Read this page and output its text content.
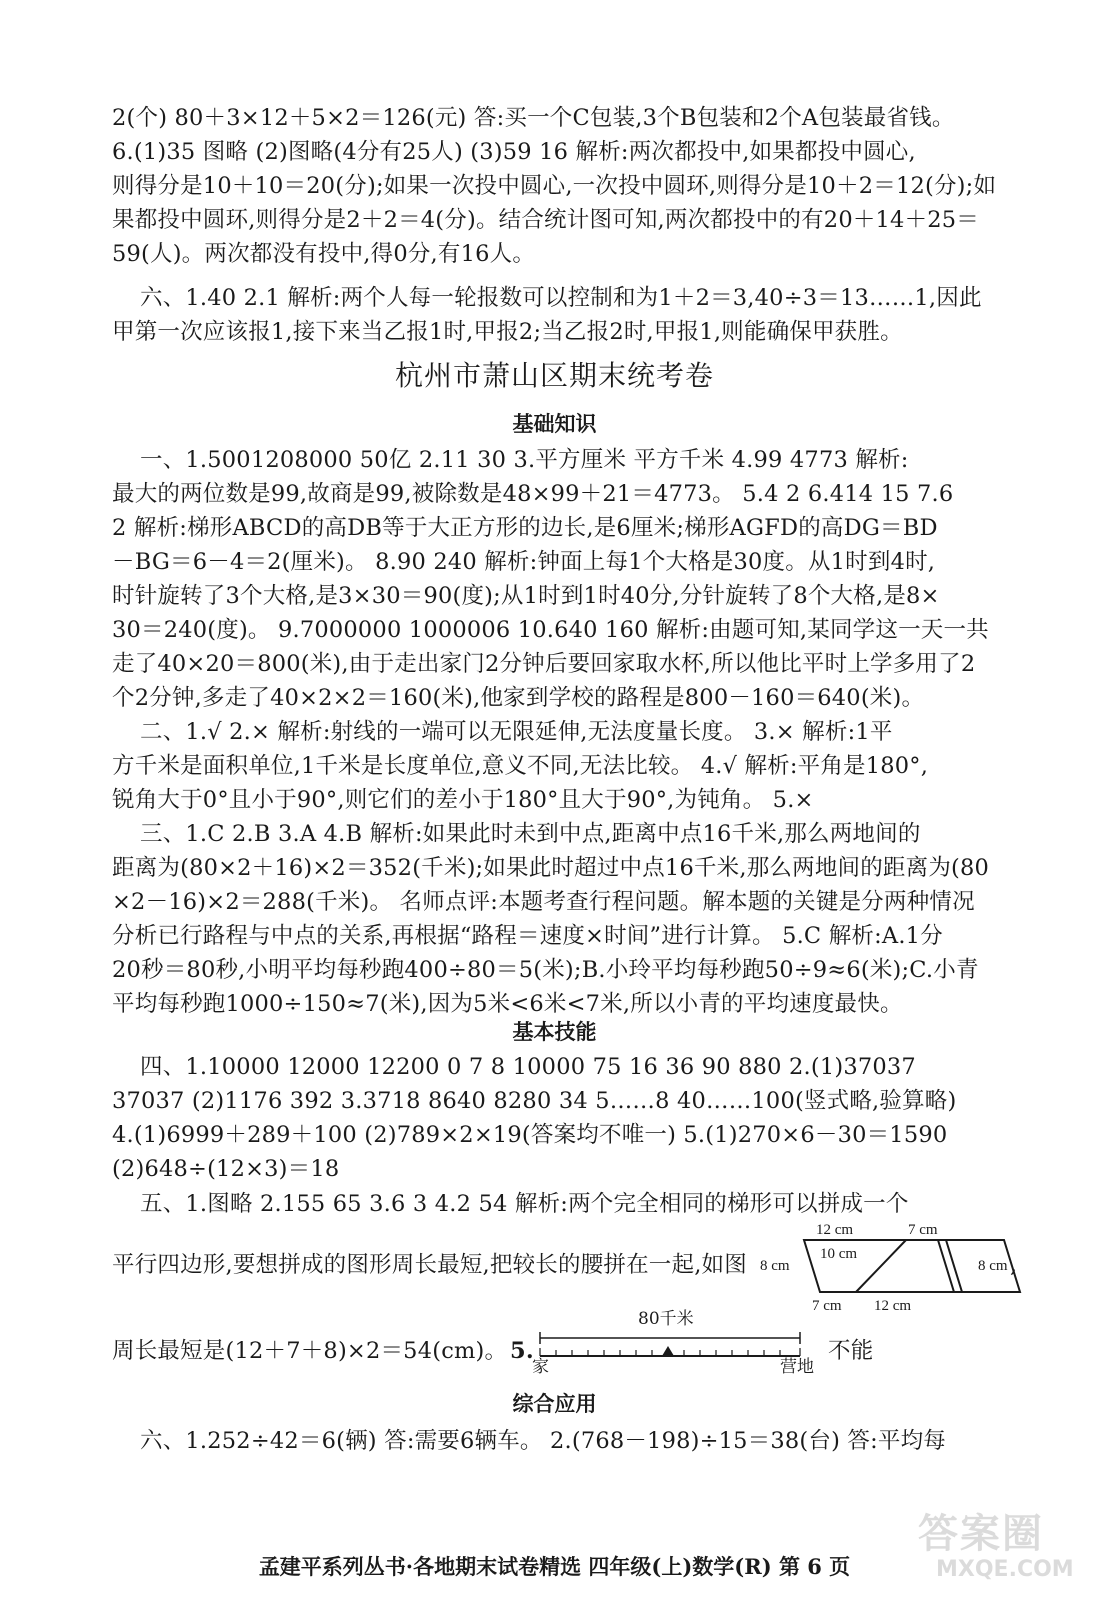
2(个) 80＋3×12＋5×2＝126(元) 答:买一个C包装,3个B包装和2个A包装最省钱。
6.(1)35 图略 (2)图略(4分有25人) (3)59 16 解析:两次都投中,如果都投中圆心,
则得分是10＋10＝20(分);如果一次投中圆心,一次投中圆环,则得分是10＋2＝12(分);如
果都投中圆环,则得分是2＋2＝4(分)。结合统计图可知,两次都投中的有20＋14＋25＝
59(人)。两次都没有投中,得0分,有16人。
六、1.40 2.1 解析:两个人每一轮报数可以控制和为1＋2＝3,40÷3＝13……1,因此
甲第一次应该报1,接下来当乙报1时,甲报2;当乙报2时,甲报1,则能确保甲获胜。
杭州市萧山区期末统考卷
基础知识
一、1.5001208000 50亿 2.11 30 3.平方厘米 平方千米 4.99 4773 解析:
最大的两位数是99,故商是99,被除数是48×99＋21＝4773。 5.4 2 6.414 15 7.6
2 解析:梯形ABCD的高DB等于大正方形的边长,是6厘米;梯形AGFD的高DG＝BD
－BG＝6－4＝2(厘米)。 8.90 240 解析:钟面上每1个大格是30度。从1时到4时,
时针旋转了3个大格,是3×30＝90(度);从1时到1时40分,分针旋转了8个大格,是8×
30＝240(度)。 9.7000000 1000006 10.640 160 解析:由题可知,某同学这一天一共
走了40×20＝800(米),由于走出家门2分钟后要回家取水杯,所以他比平时上学多用了2
个2分钟,多走了40×2×2＝160(米),他家到学校的路程是800－160＝640(米)。
二、1.√ 2.× 解析:射线的一端可以无限延伸,无法度量长度。 3.× 解析:1平
方千米是面积单位,1千米是长度单位,意义不同,无法比较。 4.√ 解析:平角是180°,
锐角大于0°且小于90°,则它们的差小于180°且大于90°,为钝角。 5.×
三、1.C 2.B 3.A 4.B 解析:如果此时未到中点,距离中点16千米,那么两地间的
距离为(80×2＋16)×2＝352(千米);如果此时超过中点16千米,那么两地间的距离为(80
×2－16)×2＝288(千米)。 名师点评:本题考查行程问题。解本题的关键是分两种情况
分析已行路程与中点的关系,再根据“路程＝速度×时间”进行计算。 5.C 解析:A.1分
20秒＝80秒,小明平均每秒跑400÷80＝5(米);B.小玲平均每秒跑50÷9≈6(米);C.小青
平均每秒跑1000÷150≈7(米),因为5米<6米<7米,所以小青的平均速度最快。
基本技能
四、1.10000 12000 12200 0 7 8 10000 75 16 36 90 880 2.(1)37037
37037 (2)1176 392 3.3718 8640 8280 34 5……8 40……100(竖式略,验算略)
4.(1)6999＋289＋100 (2)789×2×19(答案均不唯一) 5.(1)270×6－30＝1590
(2)648÷(12×3)＝18
五、1.图略 2.155 65 3.6 3 4.2 54 解析:两个完全相同的梯形可以拼成一个
平行四边形,要想拼成的图形周长最短,把较长的腰拼在一起,如图	,
12 cm	7 cm
10 cm
8 cm	8 cm
7 cm 12 cm
周长最短是(12＋7＋8)×2＝54(cm)。 5.
80千米
家	营地
不能
综合应用
六、1.252÷42＝6(辆) 答:需要6辆车。 2.(768－198)÷15＝38(台) 答:平均每
孟建平系列丛书·各地期末试卷精选 四年级(上)数学(R) 第 6 页
答案圈
MXQE.COM
